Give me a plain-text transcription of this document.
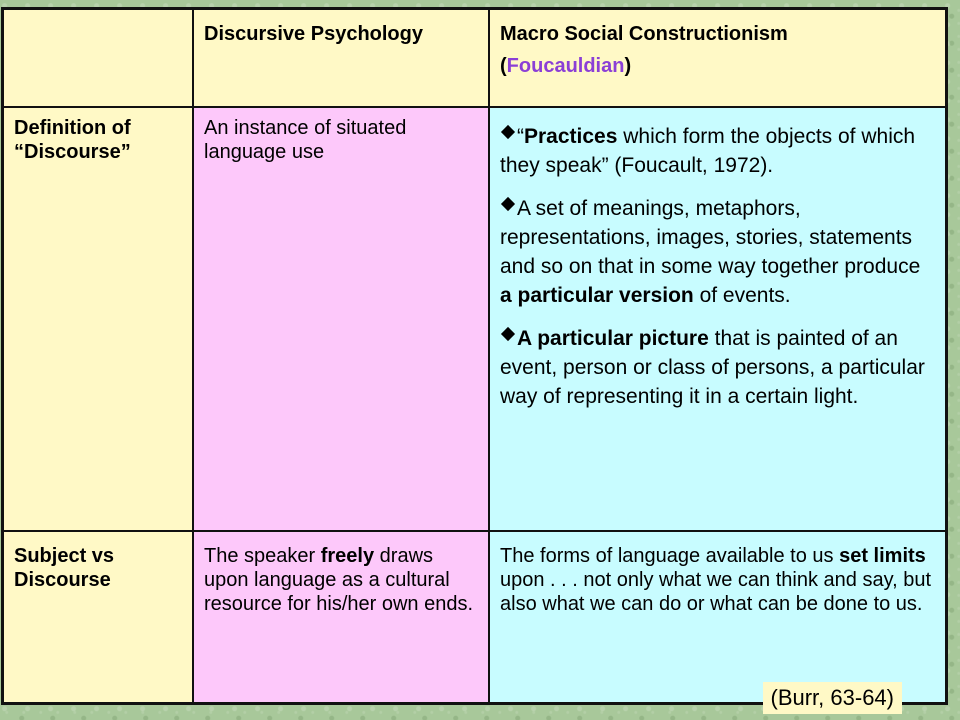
	Discursive Psychology	Macro Social Constructionism
(Foucauldian)

Definition of “Discourse”	An instance of situated language use	“Practices which form the objects of which they speak” (Foucault, 1972).

A set of meanings, metaphors, representations, images, stories, statements and so on that in some way together produce a particular version of events.

A particular picture that is painted of an event, person or class of persons, a particular way of representing it in a certain light.

Subject vs Discourse	The speaker freely draws upon language as a cultural resource for his/her own ends.	The forms of language available to us set limits upon . . . not only what we can think and say, but also what we can do or what can be done to us.
(Burr, 63-64)
